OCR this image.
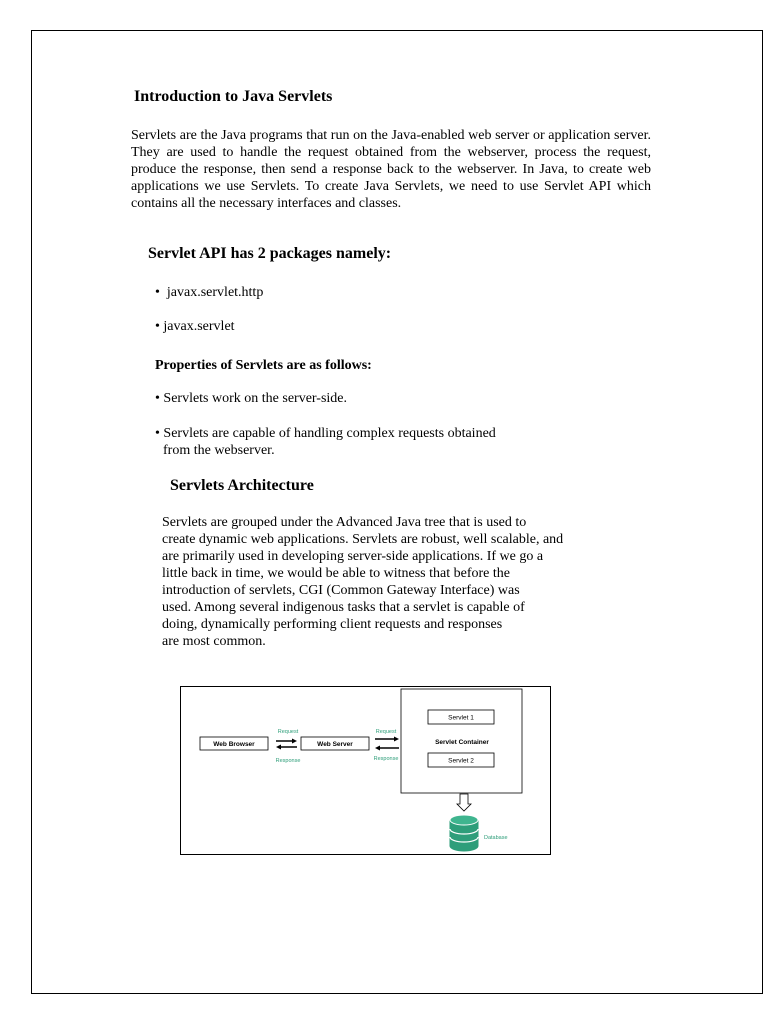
Introduction to Java Servlets

Servlets are the Java programs that run on the Java-enabled web server or application server. They are used to handle the request obtained from the webserver, process the request, produce the response, then send a response back to the webserver. In Java, to create web applications we use Servlets. To create Java Servlets, we need to use Servlet API which contains all the necessary interfaces and classes.

Servlet API has 2 packages namely:
•  javax.servlet.http
• javax.servlet
Properties of Servlets are as follows:
• Servlets work on the server-side.
• Servlets are capable of handling complex requests obtained
from the webserver.
Servlets Architecture
Servlets are grouped under the Advanced Java tree that is used to
create dynamic web applications. Servlets are robust, well scalable, and
are primarily used in developing server-side applications. If we go a
little back in time, we would be able to witness that before the
introduction of servlets, CGI (Common Gateway Interface) was
used. Among several indigenous tasks that a servlet is capable of
doing, dynamically performing client requests and responses
are most common.
Web Browser	Web Server
Servlet 1
Servlet Container
Servlet 2
Request
Response
Request
Response
Database
